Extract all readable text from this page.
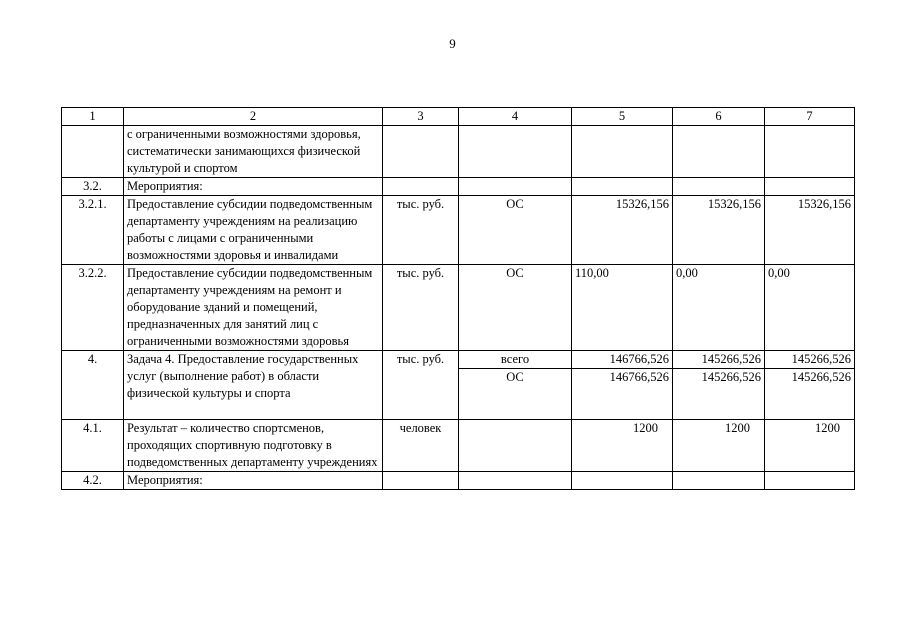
9
1	2	3	4	5	6	7
	с ограниченными возможностями здоровья, систематически занимающихся физической культурой и спортом					
3.2.	Мероприятия:					
3.2.1.	Предоставление субсидии подведомственным департаменту учреждениям на реализацию работы с лицами с ограниченными возможностями здоровья и инвалидами	тыс. руб.	ОС	15326,156	15326,156	15326,156
3.2.2.	Предоставление субсидии подведомственным департаменту учреждениям на ремонт и оборудование зданий и помещений, предназначенных для занятий лиц с ограниченными возможностями здоровья	тыс. руб.	ОС	110,00	0,00	0,00
4.	Задача 4. Предоставление государственных услуг (выполнение работ) в области физической культуры и спорта	тыс. руб.	всего	146766,526	145266,526	145266,526
			ОС	146766,526	145266,526	145266,526
4.1.	Результат – количество спортсменов, проходящих спортивную подготовку в подведомственных департаменту учреждениях	человек		1200	1200	1200
4.2.	Мероприятия:					
